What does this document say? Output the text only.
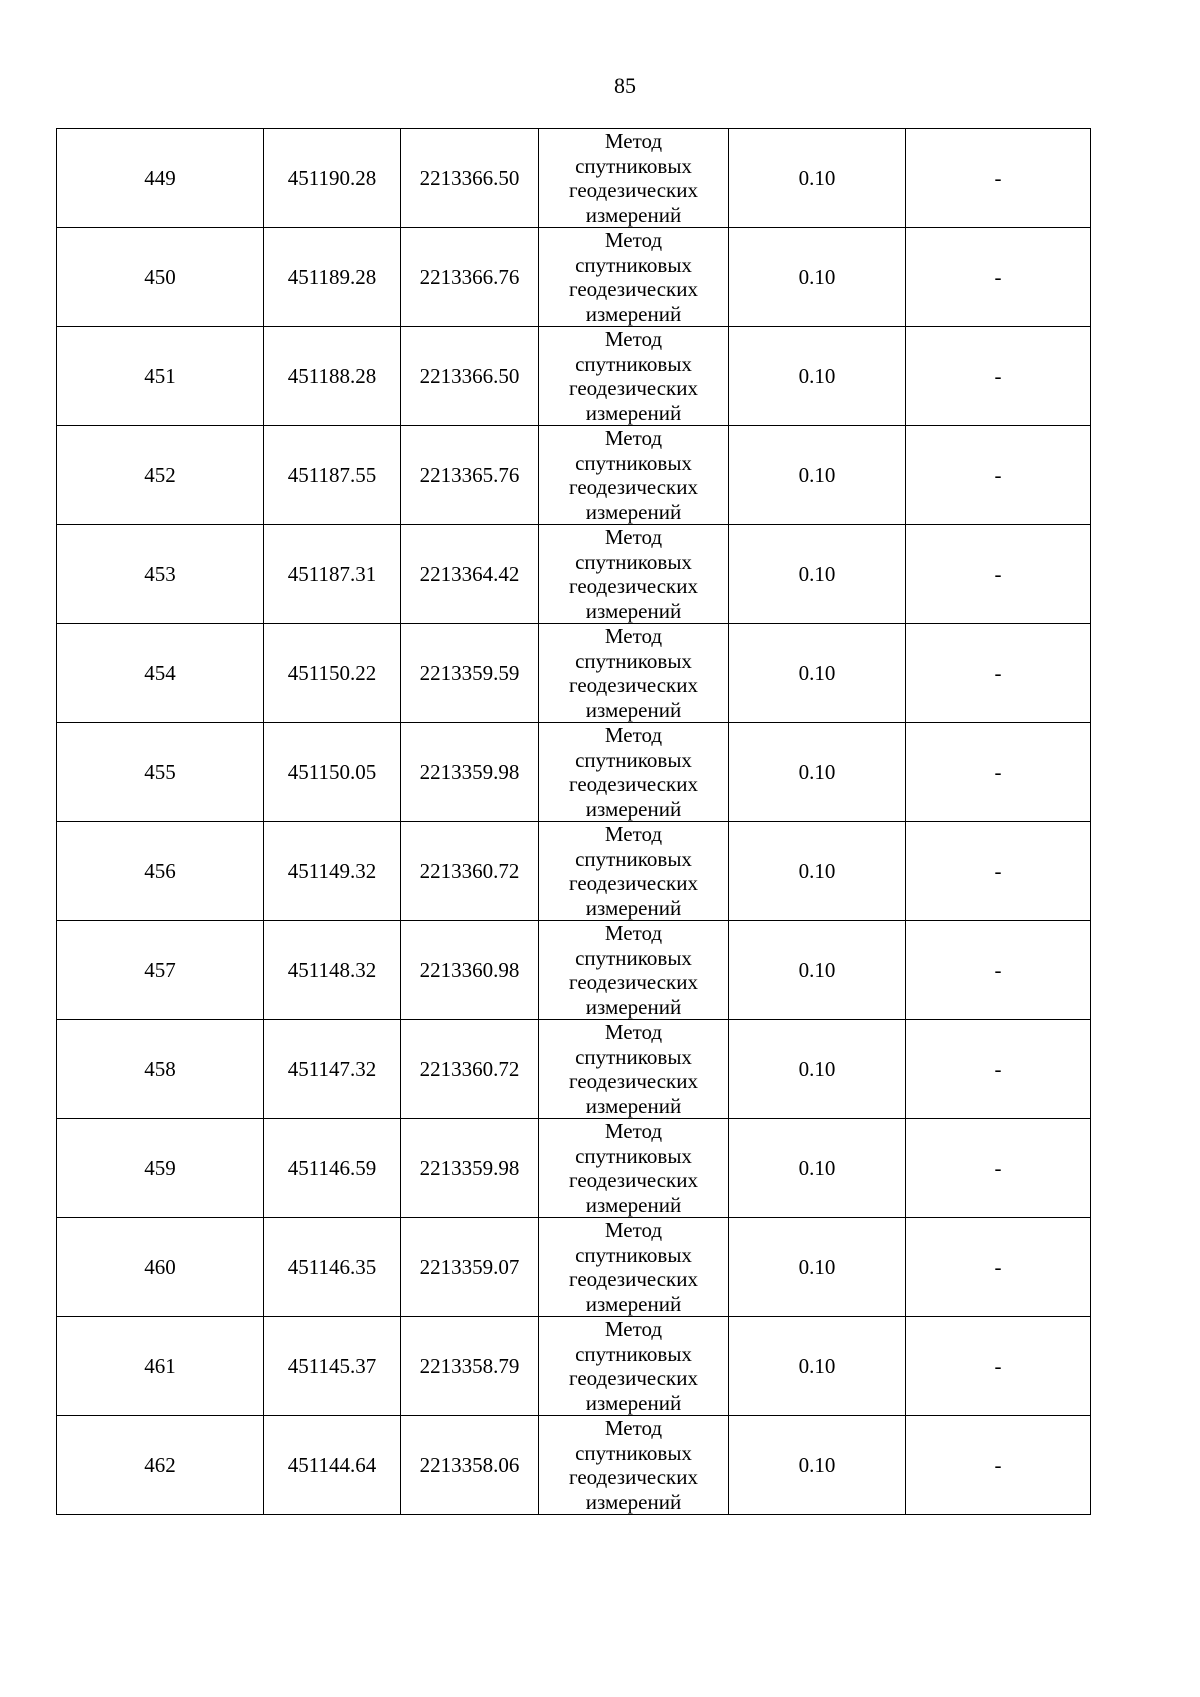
85
449	451190.28	2213366.50	Метод
спутниковых
геодезических
измерений	0.10	-
450	451189.28	2213366.76	Метод
спутниковых
геодезических
измерений	0.10	-
451	451188.28	2213366.50	Метод
спутниковых
геодезических
измерений	0.10	-
452	451187.55	2213365.76	Метод
спутниковых
геодезических
измерений	0.10	-
453	451187.31	2213364.42	Метод
спутниковых
геодезических
измерений	0.10	-
454	451150.22	2213359.59	Метод
спутниковых
геодезических
измерений	0.10	-
455	451150.05	2213359.98	Метод
спутниковых
геодезических
измерений	0.10	-
456	451149.32	2213360.72	Метод
спутниковых
геодезических
измерений	0.10	-
457	451148.32	2213360.98	Метод
спутниковых
геодезических
измерений	0.10	-
458	451147.32	2213360.72	Метод
спутниковых
геодезических
измерений	0.10	-
459	451146.59	2213359.98	Метод
спутниковых
геодезических
измерений	0.10	-
460	451146.35	2213359.07	Метод
спутниковых
геодезических
измерений	0.10	-
461	451145.37	2213358.79	Метод
спутниковых
геодезических
измерений	0.10	-
462	451144.64	2213358.06	Метод
спутниковых
геодезических
измерений	0.10	-
